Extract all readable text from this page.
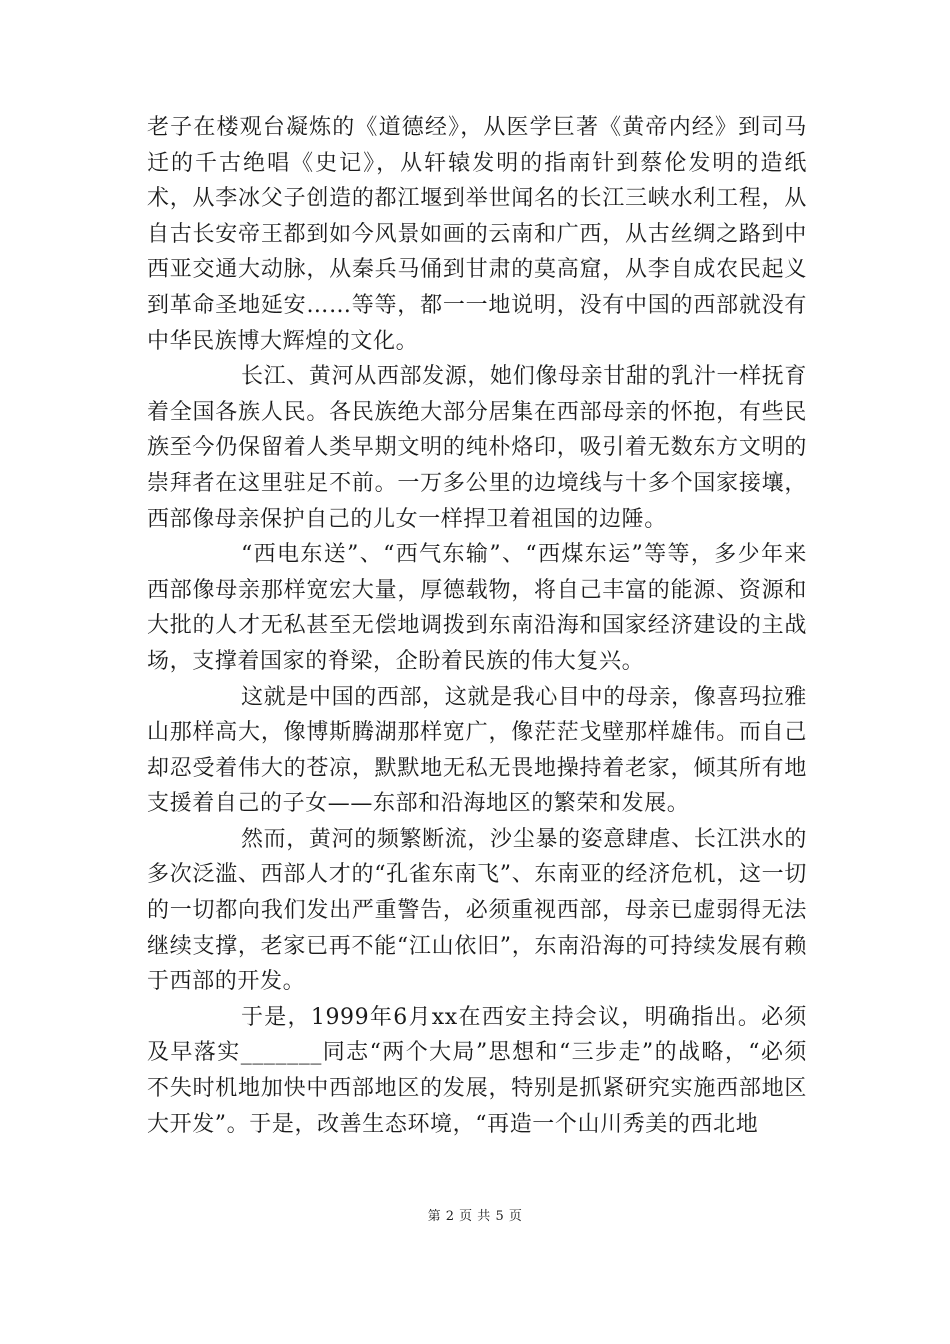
老子在楼观台凝炼的《道德经》，从医学巨著《黄帝内经》到司马迁的千古绝唱《史记》，从轩辕发明的指南针到蔡伦发明的造纸术，从李冰父子创造的都江堰到举世闻名的长江三峡水利工程，从自古长安帝王都到如今风景如画的云南和广西，从古丝绸之路到中西亚交通大动脉，从秦兵马俑到甘肃的莫高窟，从李自成农民起义到革命圣地延安……等等，都一一地说明，没有中国的西部就没有中华民族博大辉煌的文化。

长江、黄河从西部发源，她们像母亲甘甜的乳汁一样抚育着全国各族人民。各民族绝大部分居集在西部母亲的怀抱，有些民族至今仍保留着人类早期文明的纯朴烙印，吸引着无数东方文明的崇拜者在这里驻足不前。一万多公里的边境线与十多个国家接壤，西部像母亲保护自己的儿女一样捍卫着祖国的边陲。

“西电东送”、“西气东输”、“西煤东运”等等，多少年来西部像母亲那样宽宏大量，厚德载物，将自己丰富的能源、资源和大批的人才无私甚至无偿地调拨到东南沿海和国家经济建设的主战场，支撑着国家的脊梁，企盼着民族的伟大复兴。

这就是中国的西部，这就是我心目中的母亲，像喜玛拉雅山那样高大，像博斯腾湖那样宽广，像茫茫戈壁那样雄伟。而自己却忍受着伟大的苍凉，默默地无私无畏地操持着老家，倾其所有地支援着自己的子女——东部和沿海地区的繁荣和发展。

然而，黄河的频繁断流，沙尘暴的姿意肆虐、长江洪水的多次泛滥、西部人才的“孔雀东南飞”、东南亚的经济危机，这一切的一切都向我们发出严重警告，必须重视西部，母亲已虚弱得无法继续支撑，老家已再不能“江山依旧”，东南沿海的可持续发展有赖于西部的开发。

于是，1999年6月xx在西安主持会议，明确指出。必须及早落实_______同志“两个大局”思想和“三步走”的战略，“必须不失时机地加快中西部地区的发展，特别是抓紧研究实施西部地区大开发”。于是，改善生态环境，“再造一个山川秀美的西北地

第 2 页 共 5 页
